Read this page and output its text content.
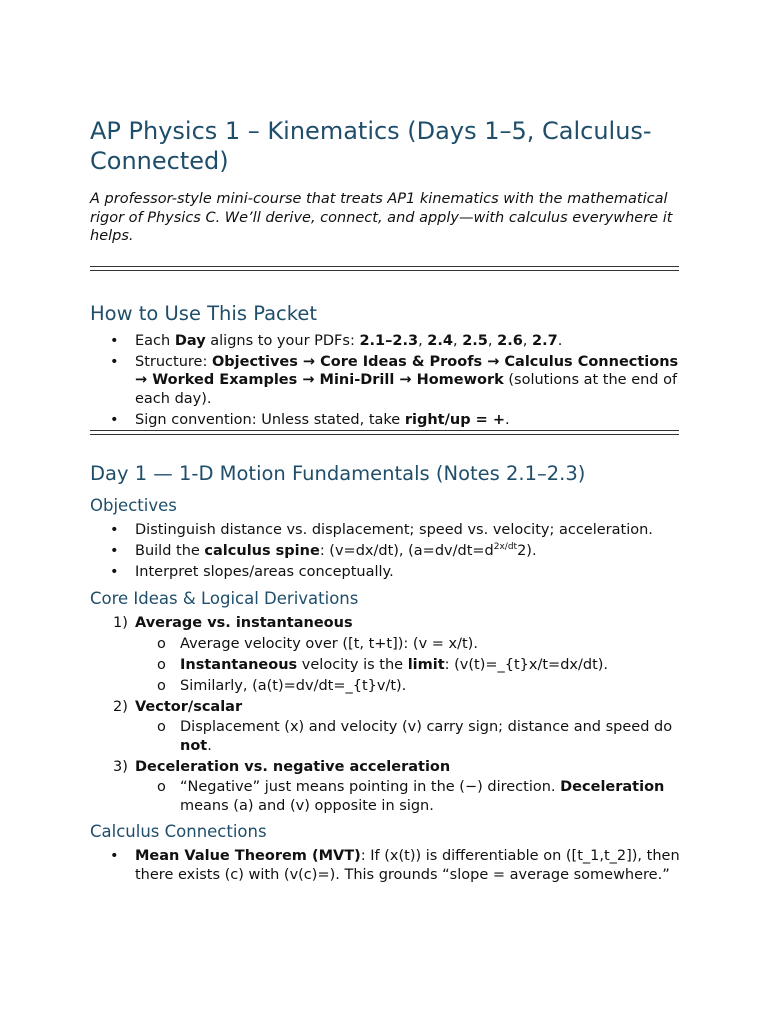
AP Physics 1 – Kinematics (Days 1–5, Calculus-Connected)

A professor-style mini-course that treats AP1 kinematics with the mathematical rigor of Physics C. We’ll derive, connect, and apply—with calculus everywhere it helps.

How to Use This Packet
• Each Day aligns to your PDFs: 2.1–2.3, 2.4, 2.5, 2.6, 2.7.
• Structure: Objectives → Core Ideas & Proofs → Calculus Connections → Worked Examples → Mini-Drill → Homework (solutions at the end of each day).
• Sign convention: Unless stated, take right/up = +.
Day 1 — 1-D Motion Fundamentals (Notes 2.1–2.3)
Objectives
• Distinguish distance vs. displacement; speed vs. velocity; acceleration.
• Build the calculus spine: (v=dx/dt), $(a=dv/dt=d^{2x/dt}2)$.
• Interpret slopes/areas conceptually.
Core Ideas & Logical Derivations
1) Average vs. instantaneous
o Average velocity over ([t, t+t]): (v = x/t).
o Instantaneous velocity is the limit: (v(t)=_{t}x/t=dx/dt).
o Similarly, (a(t)=dv/dt=_{t}v/t).
2) Vector/scalar
o Displacement (x) and velocity (v) carry sign; distance and speed do not.
3) Deceleration vs. negative acceleration
o “Negative” just means pointing in the (−) direction. Deceleration means (a) and (v) opposite in sign.
Calculus Connections
• Mean Value Theorem (MVT): If (x(t)) is differentiable on ([t_1,t_2]), then there exists (c) with (v(c)=). This grounds “slope = average somewhere.”
